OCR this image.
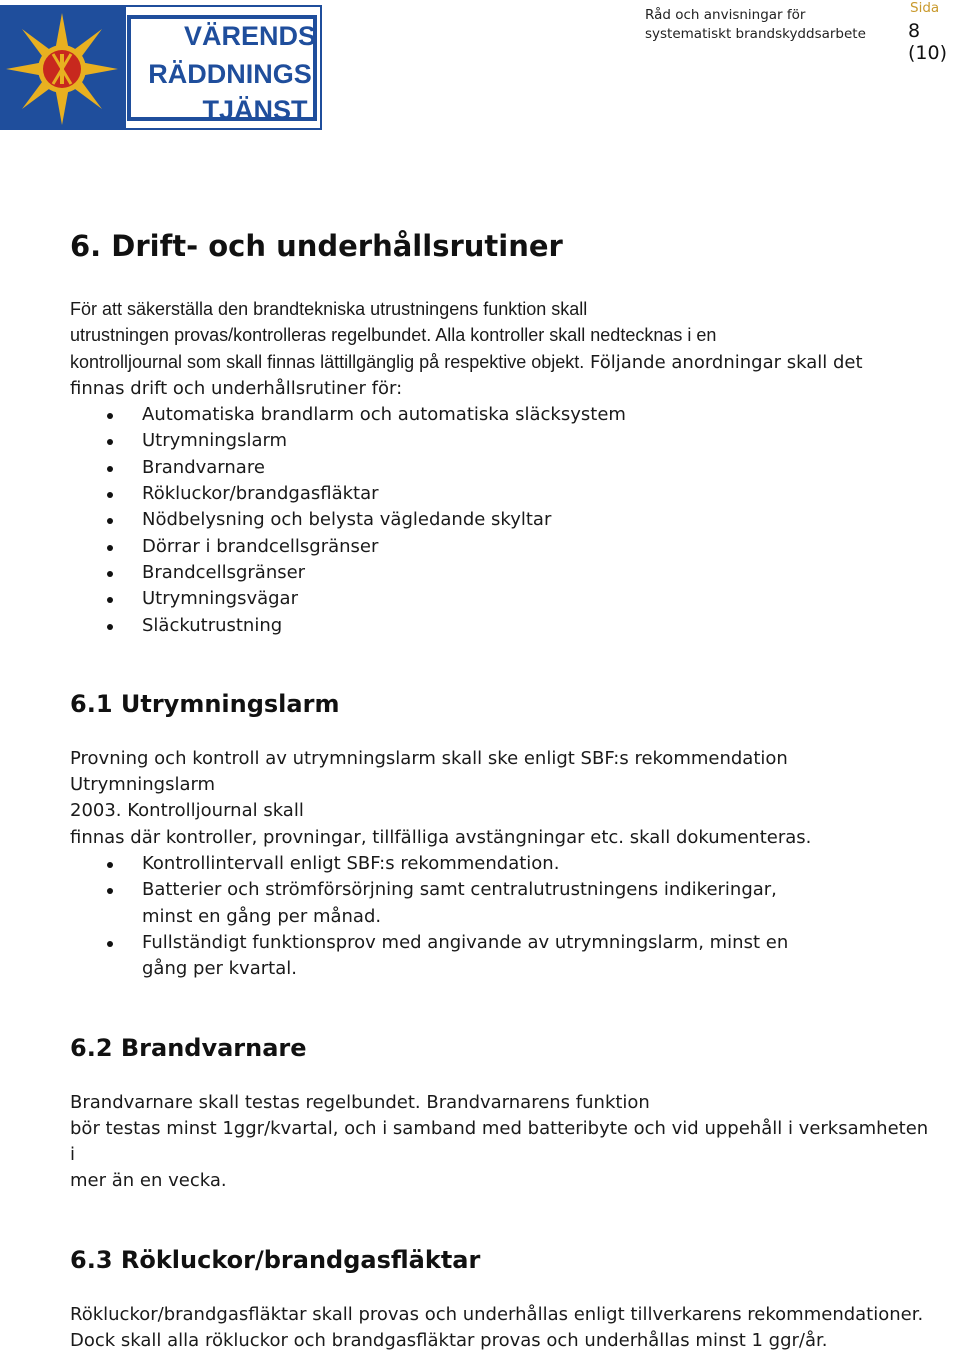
VÄRENDS
RÄDDNINGS
TJÄNST
Råd och anvisningar för
systematiskt brandskyddsarbete
Sida
8 (10)
6. Drift- och underhållsrutiner

För att säkerställa den brandtekniska utrustningens funktion skall

utrustningen provas/kontrolleras regelbundet. Alla kontroller skall nedtecknas i en

kontrolljournal som skall finnas lättillgänglig på respektive objekt. Följande anordningar skall det

finnas drift och underhållsrutiner för:

Automatiska brandlarm och automatiska släcksystem
Utrymningslarm
Brandvarnare
Rökluckor/brandgasfläktar
Nödbelysning och belysta vägledande skyltar
Dörrar i brandcellsgränser
Brandcellsgränser
Utrymningsvägar
Släckutrustning
6.1 Utrymningslarm

Provning och kontroll av utrymningslarm skall ske enligt SBF:s rekommendation Utrymningslarm

2003. Kontrolljournal skall

finnas där kontroller, provningar, tillfälliga avstängningar etc. skall dokumenteras.

Kontrollintervall enligt SBF:s rekommendation.
Batterier och strömförsörjning samt centralutrustningens indikeringar, minst en gång per månad.
Fullständigt funktionsprov med angivande av utrymningslarm, minst en gång per kvartal.
6.2 Brandvarnare

Brandvarnare skall testas regelbundet. Brandvarnarens funktion

bör testas minst 1ggr/kvartal, och i samband med batteribyte och vid uppehåll i verksamheten i

mer än en vecka.

6.3 Rökluckor/brandgasfläktar

Rökluckor/brandgasfläktar skall provas och underhållas enligt tillverkarens rekommendationer.

Dock skall alla rökluckor och brandgasfläktar provas och underhållas minst 1 ggr/år.
